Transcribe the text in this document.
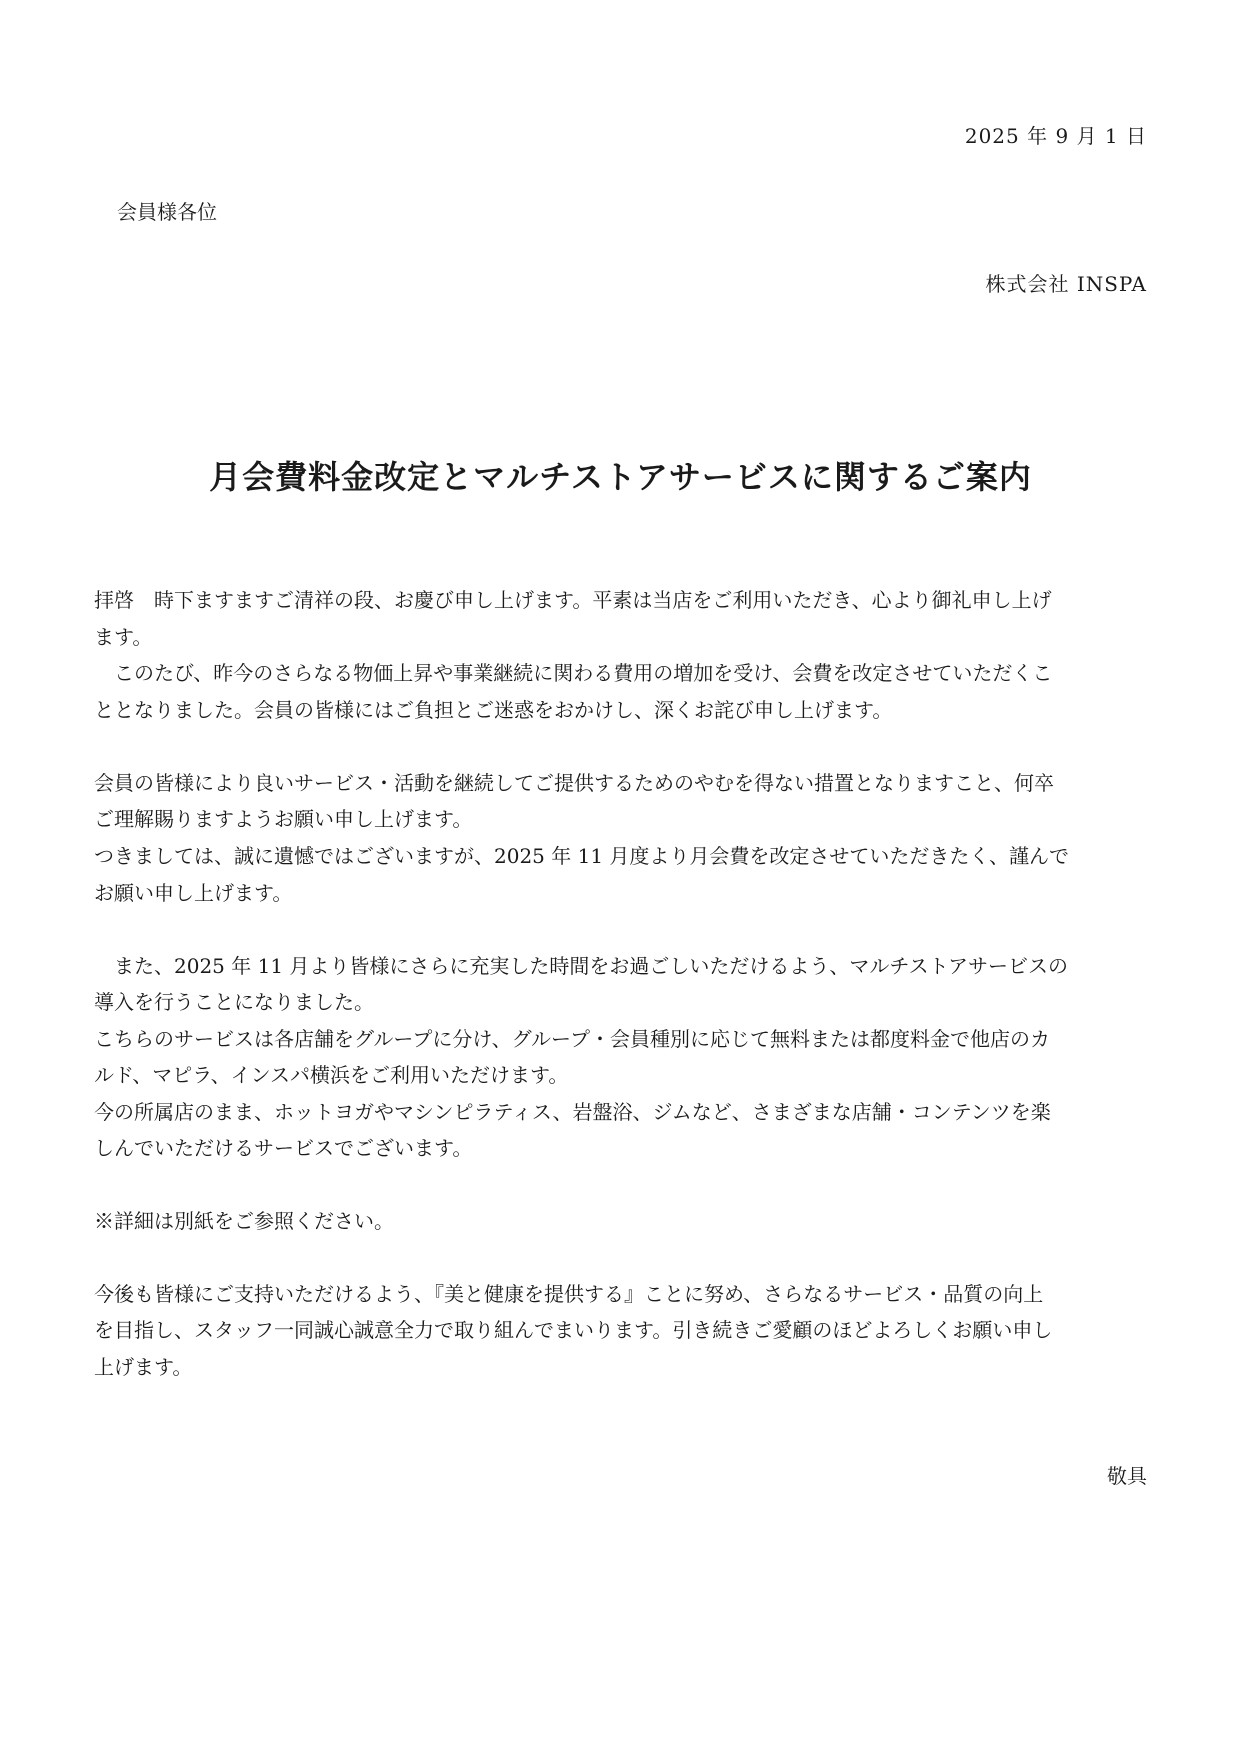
2025 年 9 月 1 日
会員様各位
株式会社 INSPA
月会費料金改定とマルチストアサービスに関するご案内
拝啓　時下ますますご清祥の段、お慶び申し上げます。平素は当店をご利用いただき、心より御礼申し上げ
ます。
　このたび、昨今のさらなる物価上昇や事業継続に関わる費用の増加を受け、会費を改定させていただくこ
ととなりました。会員の皆様にはご負担とご迷惑をおかけし、深くお詫び申し上げます。
会員の皆様により良いサービス・活動を継続してご提供するためのやむを得ない措置となりますこと、何卒
ご理解賜りますようお願い申し上げます。
つきましては、誠に遺憾ではございますが、2025 年 11 月度より月会費を改定させていただきたく、謹んで
お願い申し上げます。
　また、2025 年 11 月より皆様にさらに充実した時間をお過ごしいただけるよう、マルチストアサービスの
導入を行うことになりました。
こちらのサービスは各店舗をグループに分け、グループ・会員種別に応じて無料または都度料金で他店のカ
ルド、マピラ、インスパ横浜をご利用いただけます。
今の所属店のまま、ホットヨガやマシンピラティス、岩盤浴、ジムなど、さまざまな店舗・コンテンツを楽
しんでいただけるサービスでございます。
※詳細は別紙をご参照ください。
今後も皆様にご支持いただけるよう、『美と健康を提供する』ことに努め、さらなるサービス・品質の向上
を目指し、スタッフ一同誠心誠意全力で取り組んでまいります。引き続きご愛顧のほどよろしくお願い申し
上げます。
敬具
